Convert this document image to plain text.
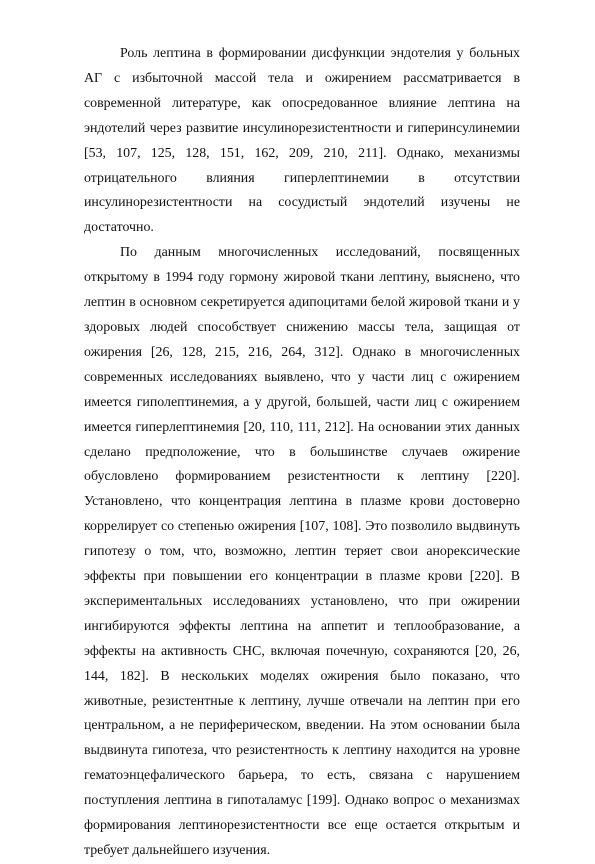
Роль лептина в формировании дисфункции эндотелия у больных АГ с избыточной массой тела и ожирением рассматривается в современной литературе, как опосредованное влияние лептина на эндотелий через развитие инсулинорезистентности и гиперинсулинемии [53, 107, 125, 128, 151, 162, 209, 210, 211]. Однако, механизмы отрицательного влияния гиперлептинемии в отсутствии инсулинорезистентности на сосудистый эндотелий изучены не достаточно.

По данным многочисленных исследований, посвященных открытому в 1994 году гормону жировой ткани лептину, выяснено, что лептин в основном секретируется адипоцитами белой жировой ткани и у здоровых людей способствует снижению массы тела, защищая от ожирения [26, 128, 215, 216, 264, 312]. Однако в многочисленных современных исследованиях выявлено, что у части лиц с ожирением имеется гиполептинемия, а у другой, большей, части лиц с ожирением имеется гиперлептинемия [20, 110, 111, 212]. На основании этих данных сделано предположение, что в большинстве случаев ожирение обусловлено формированием резистентности к лептину [220]. Установлено, что концентрация лептина в плазме крови достоверно коррелирует со степенью ожирения [107, 108]. Это позволило выдвинуть гипотезу о том, что, возможно, лептин теряет свои анорексические эффекты при повышении его концентрации в плазме крови [220]. В экспериментальных исследованиях установлено, что при ожирении ингибируются эффекты лептина на аппетит и теплообразование, а эффекты на активность СНС, включая почечную, сохраняются [20, 26, 144, 182]. В нескольких моделях ожирения было показано, что животные, резистентные к лептину, лучше отвечали на лептин при его центральном, а не периферическом, введении. На этом основании была выдвинута гипотеза, что резистентность к лептину находится на уровне гематоэнцефалического барьера, то есть, связана с нарушением поступления лептина в гипоталамус [199]. Однако вопрос о механизмах формирования лептинорезистентности все еще остается открытым и требует дальнейшего изучения.
